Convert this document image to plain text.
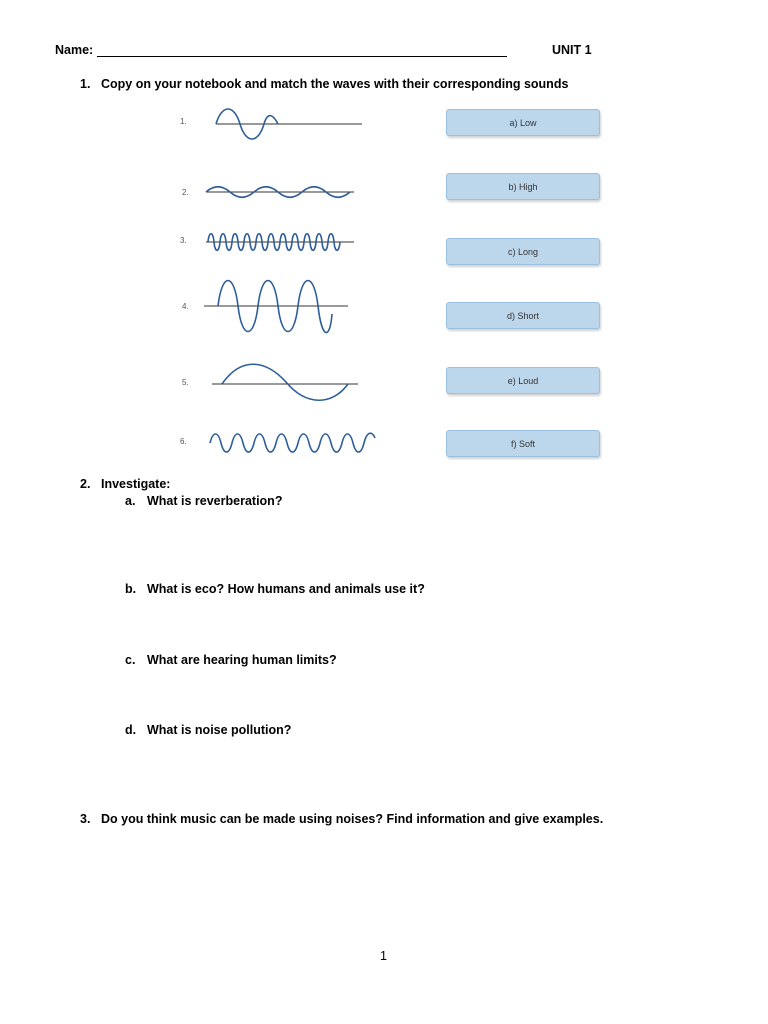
Name:	UNIT 1
1. Copy on your notebook and match the waves with their corresponding sounds
1.
2.
3.
4.
5.
6.
a) Low
b) High
c) Long
d) Short
e) Loud
f) Soft
2. Investigate:
a. What is reverberation?
b. What is eco? How humans and animals use it?
c. What are hearing human limits?
d. What is noise pollution?
3. Do you think music can be made using noises? Find information and give examples.
1
